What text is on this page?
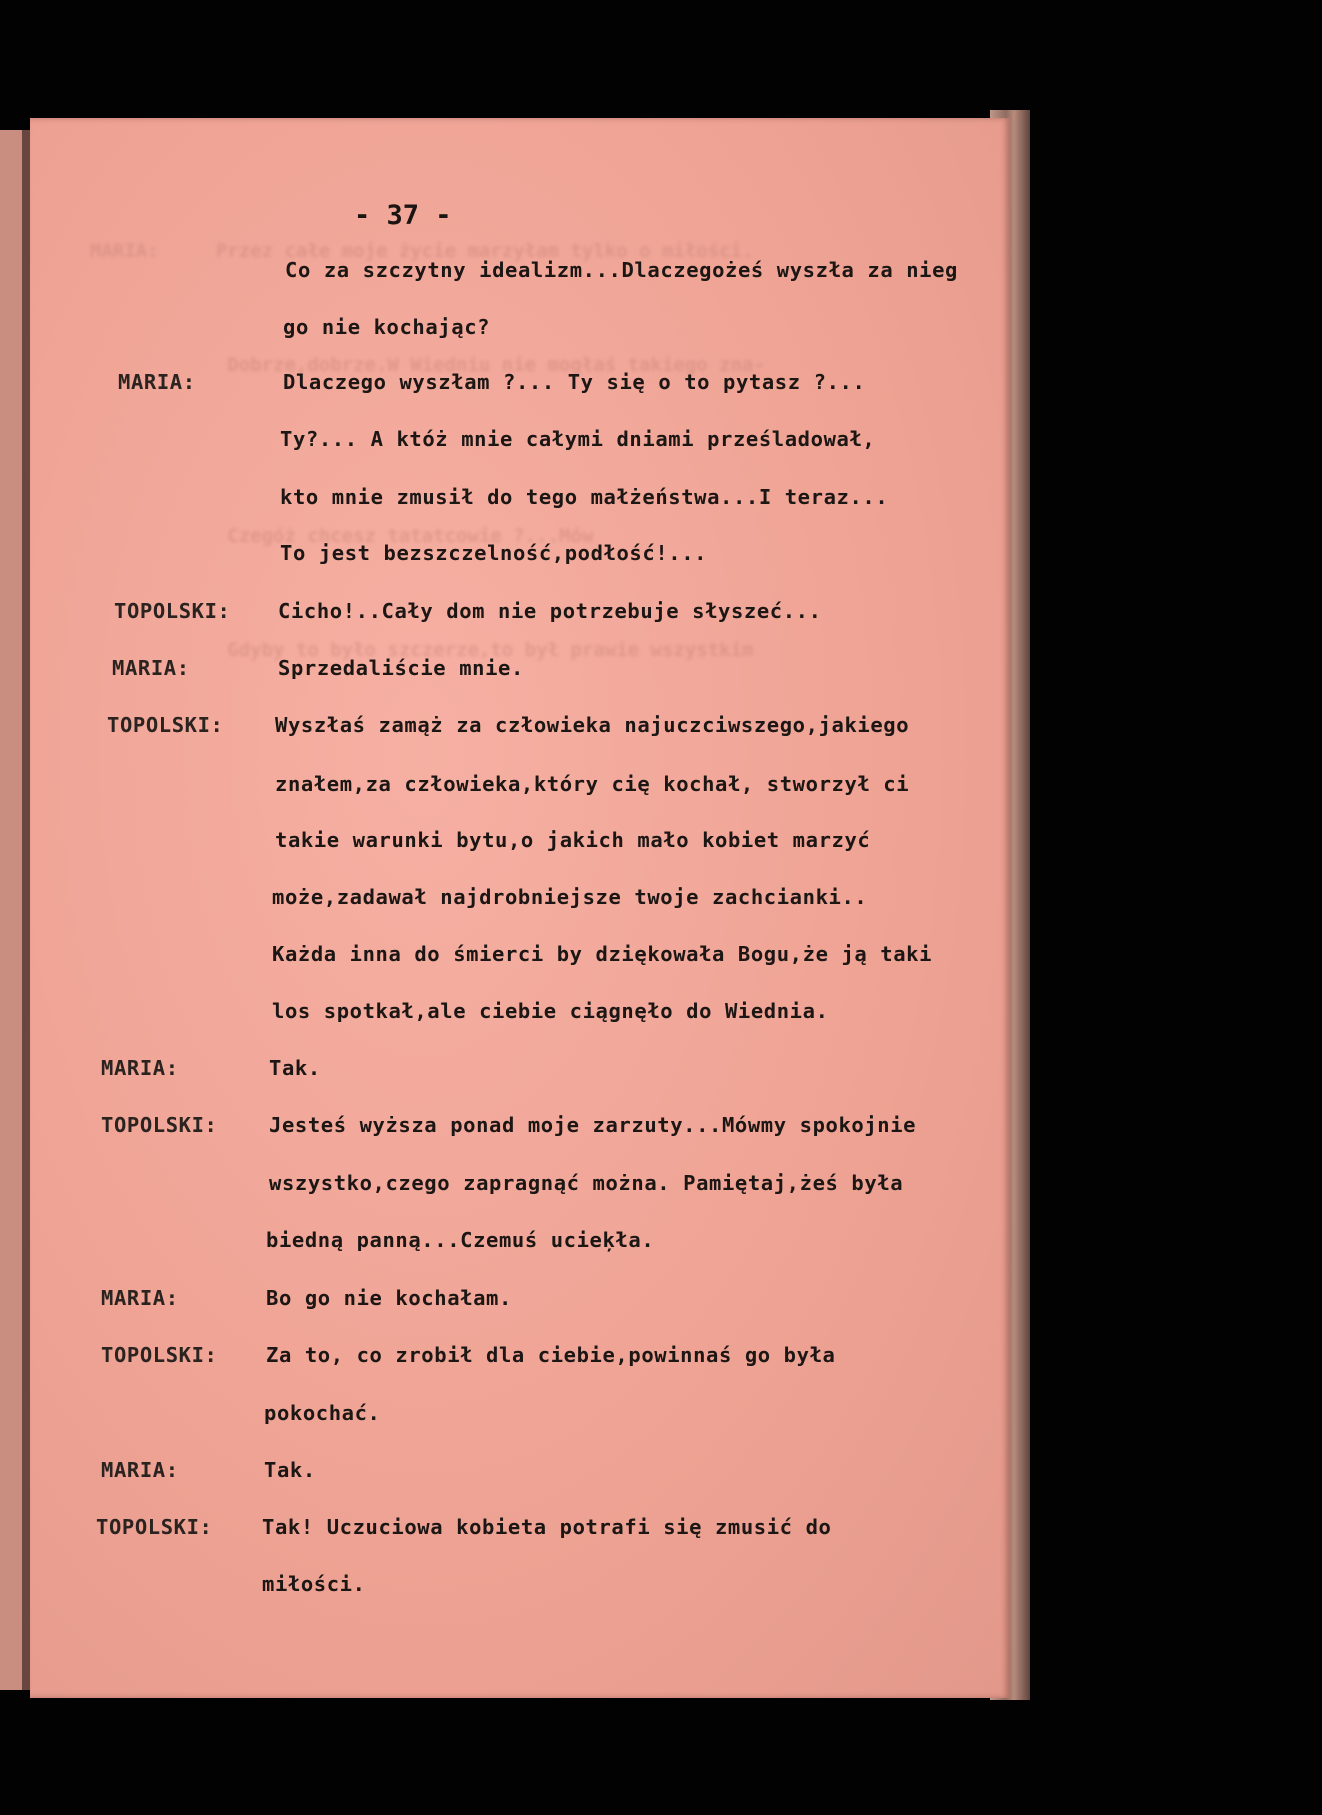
MARIA:     Przez całe moje życie marzyłam tylko o miłości.

Dobrze,dobrze.W Wiedniu nie mogłaś takiego zna-

Czegóż chcesz tatatcowie ?...Mów

Gdyby to było szczerze,to był prawie wszystkim
- 37 -
Co za szczytny idealizm...Dlaczegożeś wyszła za nieg
go nie kochając?
MARIA:	Dlaczego wyszłam ?... Ty się o to pytasz ?...
Ty?... A któż mnie całymi dniami prześladował,
kto mnie zmusił do tego małżeństwa...I teraz...
To jest bezszczelność,podłość!...
TOPOLSKI: Cicho!..Cały dom nie potrzebuje słyszeć...
MARIA:	Sprzedaliście mnie.
TOPOLSKI:	Wyszłaś zamąż za człowieka najuczciwszego,jakiego
znałem,za człowieka,który cię kochał, stworzył ci
takie warunki bytu,o jakich mało kobiet marzyć
może,zadawał najdrobniejsze twoje zachcianki..
Każda inna do śmierci by dziękowała Bogu,że ją taki
los spotkał,ale ciebie ciągnęło do Wiednia.
MARIA:	Tak.
TOPOLSKI:	Jesteś wyższa ponad moje zarzuty...Mówmy spokojnie
wszystko,czego zapragnąć można. Pamiętaj,żeś była
biedną panną...Czemuś ucieķła.
MARIA:	Bo go nie kochałam.
TOPOLSKI: Za to, co zrobił dla ciebie,powinnaś go była
pokochać.
MARIA:	Tak.
TOPOLSKI: Tak! Uczuciowa kobieta potrafi się zmusić do
miłości.
